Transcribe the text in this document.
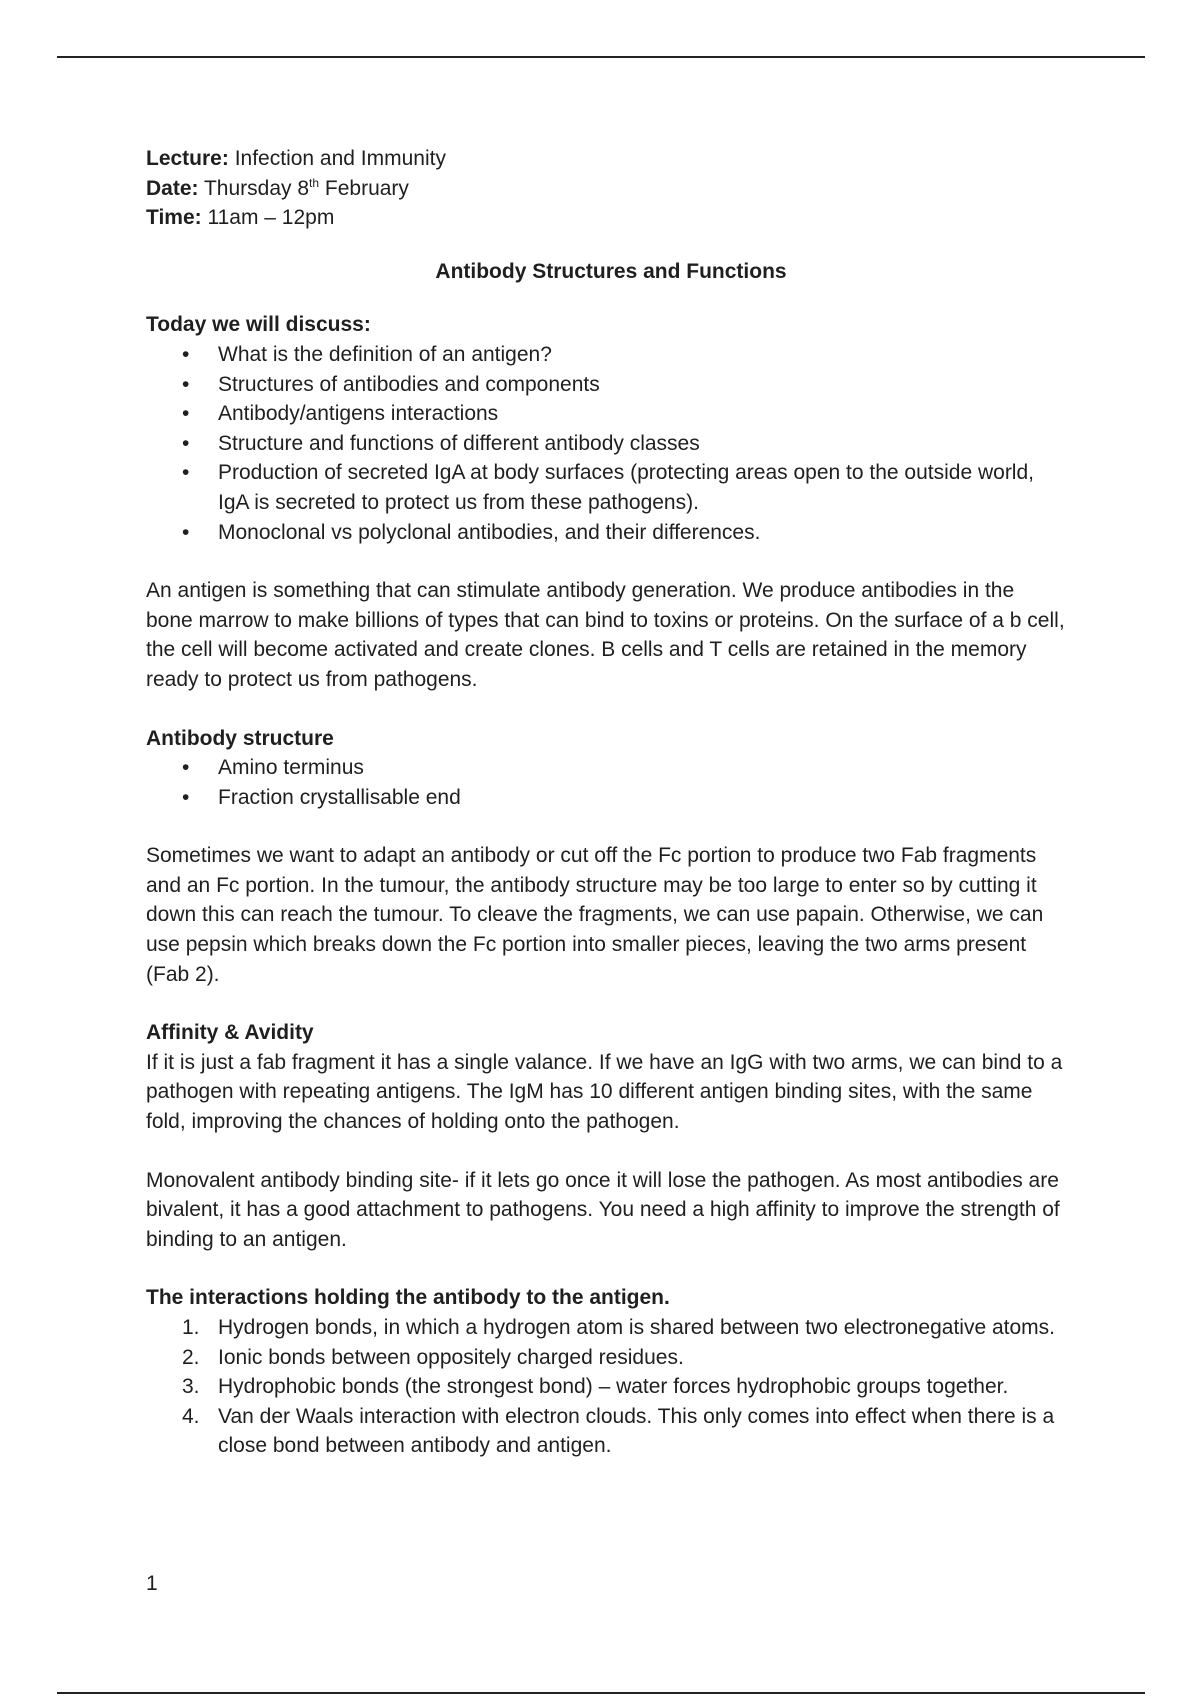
Lecture: Infection and Immunity

Date: Thursday 8th February

Time: 11am – 12pm

Antibody Structures and Functions

Today we will discuss:

• What is the definition of an antigen?
• Structures of antibodies and components
• Antibody/antigens interactions
• Structure and functions of different antibody classes
• Production of secreted IgA at body surfaces (protecting areas open to the outside world, IgA is secreted to protect us from these pathogens).
• Monoclonal vs polyclonal antibodies, and their differences.

An antigen is something that can stimulate antibody generation. We produce antibodies in the bone marrow to make billions of types that can bind to toxins or proteins. On the surface of a b cell, the cell will become activated and create clones. B cells and T cells are retained in the memory ready to protect us from pathogens.

Antibody structure

• Amino terminus
• Fraction crystallisable end

Sometimes we want to adapt an antibody or cut off the Fc portion to produce two Fab fragments and an Fc portion. In the tumour, the antibody structure may be too large to enter so by cutting it down this can reach the tumour. To cleave the fragments, we can use papain. Otherwise, we can use pepsin which breaks down the Fc portion into smaller pieces, leaving the two arms present (Fab 2).

Affinity & Avidity

If it is just a fab fragment it has a single valance. If we have an IgG with two arms, we can bind to a pathogen with repeating antigens. The IgM has 10 different antigen binding sites, with the same fold, improving the chances of holding onto the pathogen.

Monovalent antibody binding site- if it lets go once it will lose the pathogen. As most antibodies are bivalent, it has a good attachment to pathogens. You need a high affinity to improve the strength of binding to an antigen.

The interactions holding the antibody to the antigen.

1. Hydrogen bonds, in which a hydrogen atom is shared between two electronegative atoms.
2. Ionic bonds between oppositely charged residues.
3. Hydrophobic bonds (the strongest bond) – water forces hydrophobic groups together.
4. Van der Waals interaction with electron clouds. This only comes into effect when there is a close bond between antibody and antigen.
1
